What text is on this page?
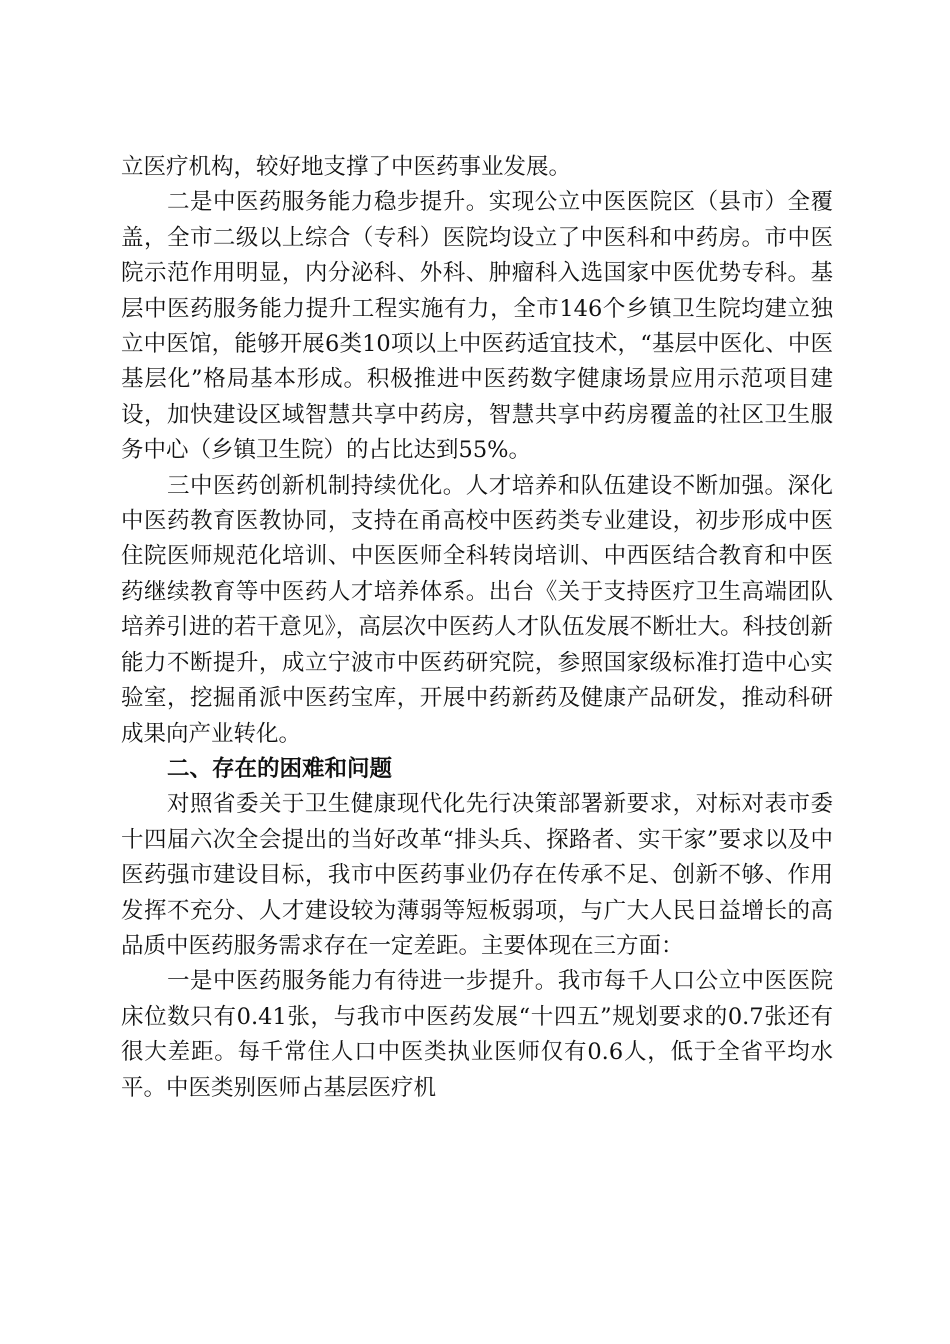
立医疗机构，较好地支撑了中医药事业发展。

二是中医药服务能力稳步提升。实现公立中医医院区（县市）全覆盖，全市二级以上综合（专科）医院均设立了中医科和中药房。市中医院示范作用明显，内分泌科、外科、肿瘤科入选国家中医优势专科。基层中医药服务能力提升工程实施有力，全市146个乡镇卫生院均建立独立中医馆，能够开展6类10项以上中医药适宜技术，“基层中医化、中医基层化”格局基本形成。积极推进中医药数字健康场景应用示范项目建设，加快建设区域智慧共享中药房，智慧共享中药房覆盖的社区卫生服务中心（乡镇卫生院）的占比达到55%。

三中医药创新机制持续优化。人才培养和队伍建设不断加强。深化中医药教育医教协同，支持在甬高校中医药类专业建设，初步形成中医住院医师规范化培训、中医医师全科转岗培训、中西医结合教育和中医药继续教育等中医药人才培养体系。出台《关于支持医疗卫生高端团队培养引进的若干意见》，高层次中医药人才队伍发展不断壮大。科技创新能力不断提升，成立宁波市中医药研究院，参照国家级标准打造中心实验室，挖掘甬派中医药宝库，开展中药新药及健康产品研发，推动科研成果向产业转化。

二、存在的困难和问题

对照省委关于卫生健康现代化先行决策部署新要求，对标对表市委十四届六次全会提出的当好改革“排头兵、探路者、实干家”要求以及中医药强市建设目标，我市中医药事业仍存在传承不足、创新不够、作用发挥不充分、人才建设较为薄弱等短板弱项，与广大人民日益增长的高品质中医药服务需求存在一定差距。主要体现在三方面：

一是中医药服务能力有待进一步提升。我市每千人口公立中医医院床位数只有0.41张，与我市中医药发展“十四五”规划要求的0.7张还有很大差距。每千常住人口中医类执业医师仅有0.6人，低于全省平均水平。中医类别医师占基层医疗机
